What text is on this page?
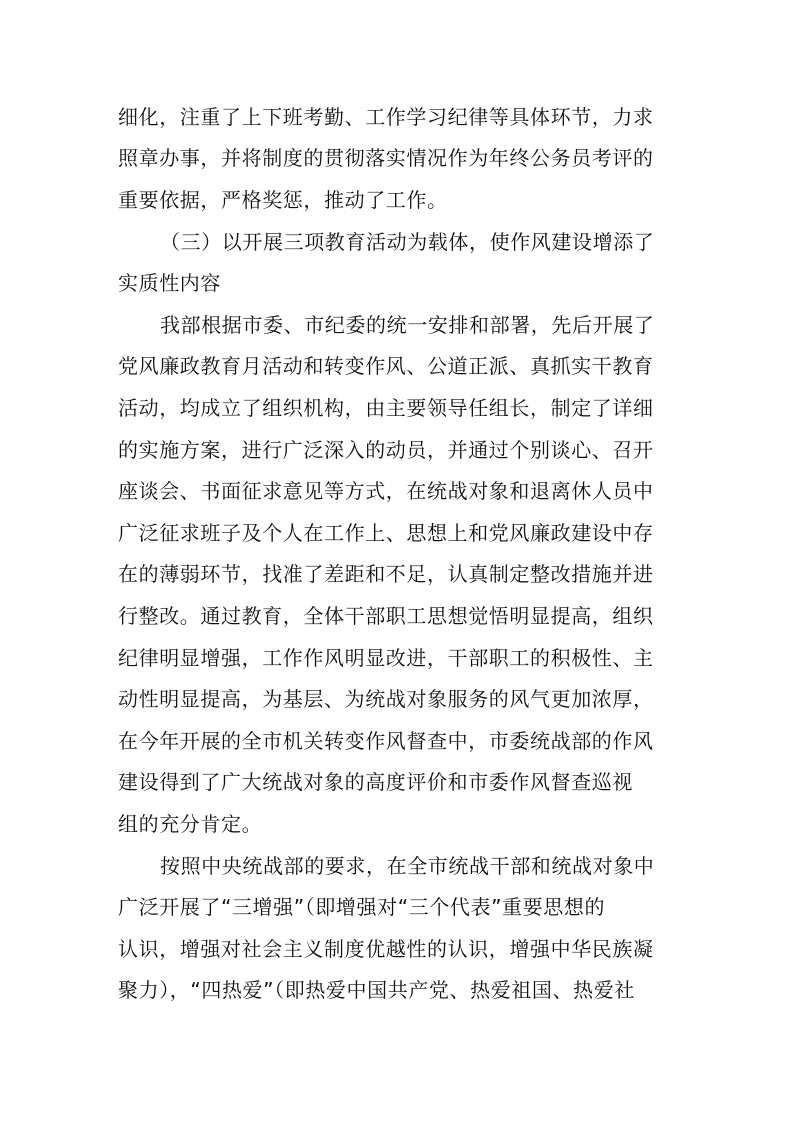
细化，注重了上下班考勤、工作学习纪律等具体环节，力求
照章办事，并将制度的贯彻落实情况作为年终公务员考评的
重要依据，严格奖惩，推动了工作。
（三）以开展三项教育活动为载体，使作风建设增添了
实质性内容
我部根据市委、市纪委的统一安排和部署，先后开展了
党风廉政教育月活动和转变作风、公道正派、真抓实干教育
活动，均成立了组织机构，由主要领导任组长，制定了详细
的实施方案，进行广泛深入的动员，并通过个别谈心、召开
座谈会、书面征求意见等方式，在统战对象和退离休人员中
广泛征求班子及个人在工作上、思想上和党风廉政建设中存
在的薄弱环节，找准了差距和不足，认真制定整改措施并进
行整改。通过教育，全体干部职工思想觉悟明显提高，组织
纪律明显增强，工作作风明显改进，干部职工的积极性、主
动性明显提高，为基层、为统战对象服务的风气更加浓厚，
在今年开展的全市机关转变作风督查中，市委统战部的作风
建设得到了广大统战对象的高度评价和市委作风督查巡视
组的充分肯定。
按照中央统战部的要求，在全市统战干部和统战对象中
广泛开展了“三增强”（即增强对“三个代表”重要思想的
认识，增强对社会主义制度优越性的认识，增强中华民族凝
聚力），“四热爱”（即热爱中国共产党、热爱祖国、热爱社
